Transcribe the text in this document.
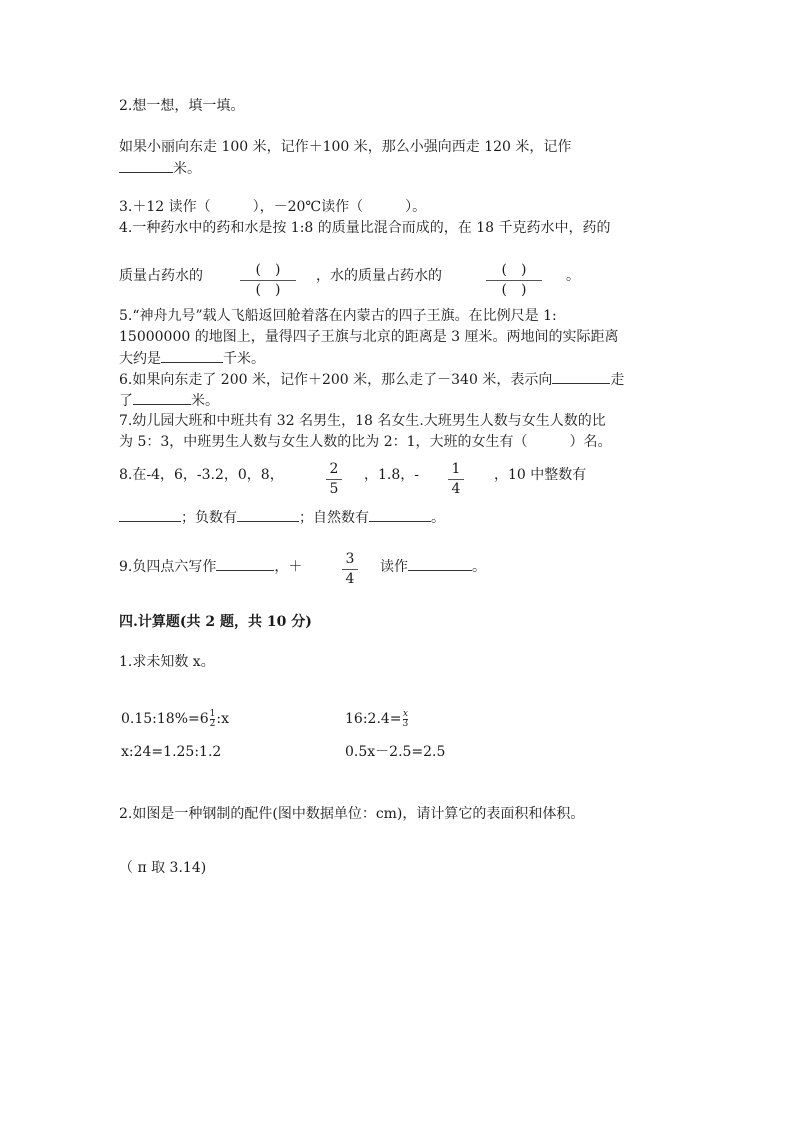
2.想一想，填一填。
如果小丽向东走 100 米，记作＋100 米，那么小强向西走 120 米，记作
米。
3.＋12 读作（　　　），－20℃读作（　　　）。
4.一种药水中的药和水是按 1:8 的质量比混合而成的，在 18 千克药水中，药的
质量占药水的	(　)
(　)
，水的质量占药水的	(　)
(　)
。
5.“神舟九号”载人飞船返回舱着落在内蒙古的四子王旗。在比例尺是 1:
15000000 的地图上，量得四子王旗与北京的距离是 3 厘米。两地间的实际距离
大约是	千米。
6.如果向东走了 200 米，记作＋200 米，那么走了－340 米，表示向	走
了	米。
7.幼儿园大班和中班共有 32 名男生，18 名女生.大班男生人数与女生人数的比
为 5：3，中班男生人数与女生人数的比为 2：1，大班的女生有（　　　）名。
8.在-4，6，-3.2，0，8，	2
5
，1.8，- 1
4
，10 中整数有
；负数有	；自然数有	。
9.负四点六写作	，＋	3
4
读作	。
四.计算题(共 2 题，共 10 分)
1.求未知数 x。
$0.15:18\%=6\frac{1}{2}:x$	$16:2.4=\frac{x}{3}$
x:24=1.25:1.2	0.5x－2.5=2.5
2.如图是一种钢制的配件(图中数据单位：cm)，请计算它的表面积和体积。
（ π 取 3.14)
